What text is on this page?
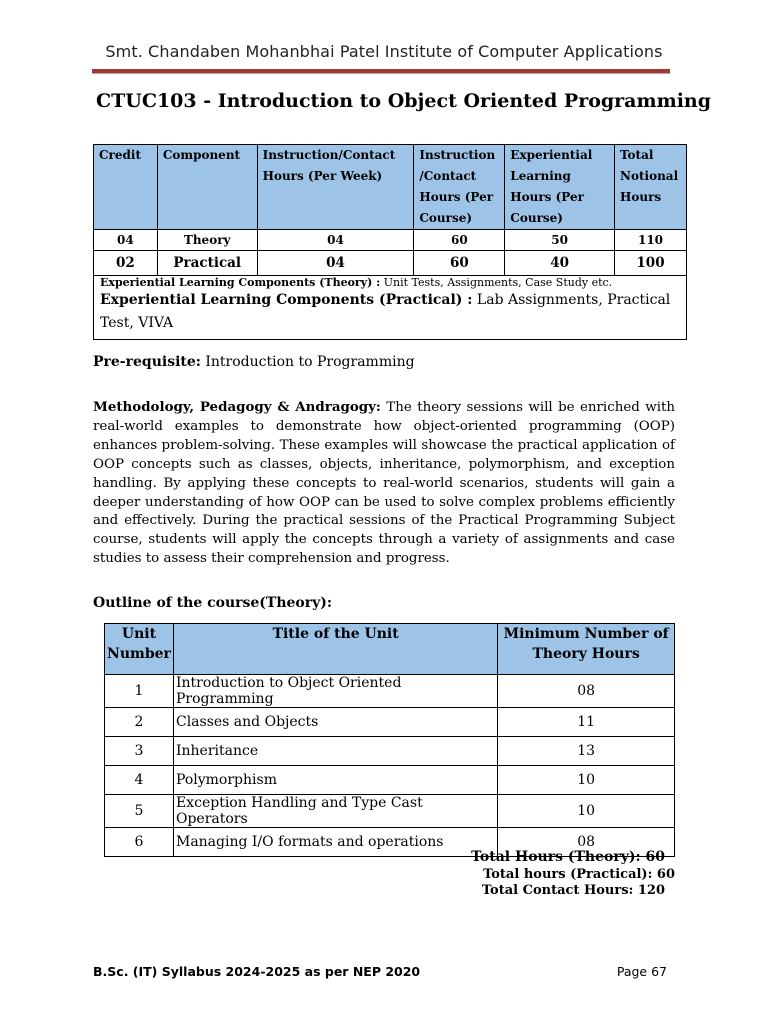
Smt. Chandaben Mohanbhai Patel Institute of Computer Applications
CTUC103 - Introduction to Object Oriented Programming
Credit	Component	Instruction/Contact Hours (Per Week)	Instruction /Contact Hours (Per Course)	Experiential Learning Hours (Per Course)	Total Notional Hours
04	Theory	04	60	50	110
02	Practical	04	60	40	100

Experiential Learning Components (Theory) : Unit Tests, Assignments, Case Study etc.
Experiential Learning Components (Practical) : Lab Assignments, Practical Test, VIVA					
Pre-requisite: Introduction to Programming
Methodology, Pedagogy & Andragogy: The theory sessions will be enriched with real-world examples to demonstrate how object-oriented programming (OOP) enhances problem-solving. These examples will showcase the practical application of OOP concepts such as classes, objects, inheritance, polymorphism, and exception handling. By applying these concepts to real-world scenarios, students will gain a deeper understanding of how OOP can be used to solve complex problems efficiently and effectively. During the practical sessions of the Practical Programming Subject course, students will apply the concepts through a variety of assignments and case studies to assess their comprehension and progress.
Outline of the course(Theory):
Unit Number	Title of the Unit	Minimum Number of Theory Hours
1	Introduction to Object Oriented Programming	08
2	Classes and Objects	11
3	Inheritance	13
4	Polymorphism	10
5	Exception Handling and Type Cast Operators	10
6	Managing I/O formats and operations	08
Total Hours (Theory): 60
Total hours (Practical): 60
Total Contact Hours: 120
B.Sc. (IT) Syllabus 2024-2025 as per NEP 2020	Page 67
